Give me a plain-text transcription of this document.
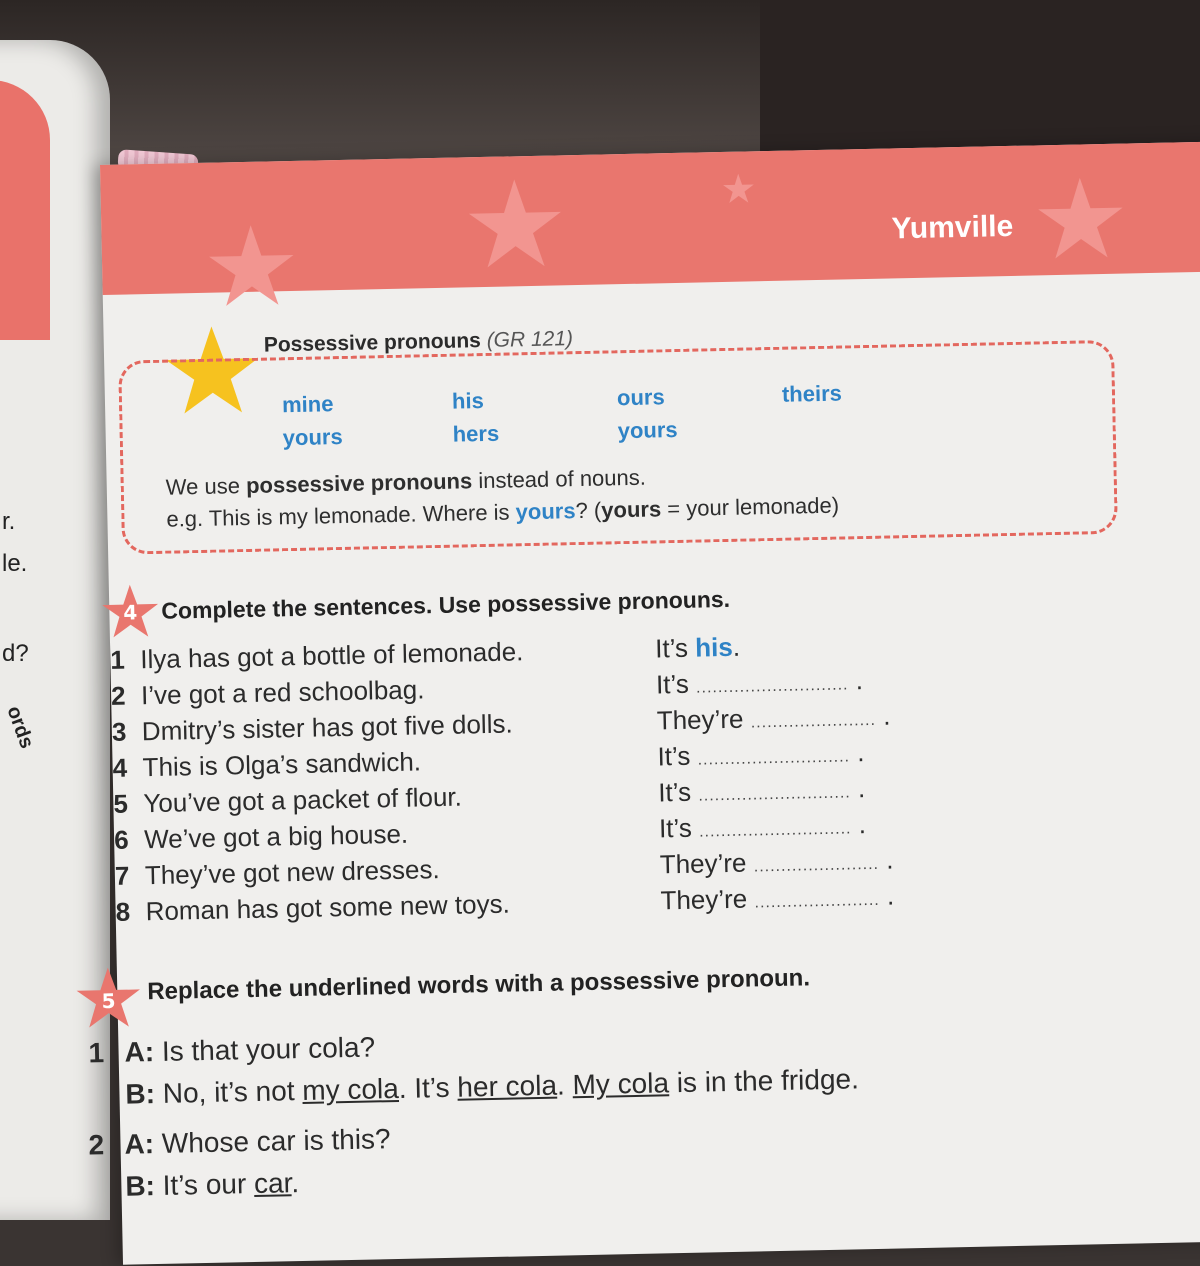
r.
le.
d?
ords
★	★
★	★
Yumville
Possessive pronouns (GR 121)
mine
yours
his
hers
ours
yours
theirs
We use possessive pronouns instead of nouns.
e.g. This is my lemonade. Where is yours? (yours = your lemonade)
4 Complete the sentences. Use possessive pronouns.
1 Ilya has got a bottle of lemonade.
2 I’ve got a red schoolbag.
3 Dmitry’s sister has got five dolls.
4 This is Olga’s sandwich.
5 You’ve got a packet of flour.
6 We’ve got a big house.
7 They’ve got new dresses.
8 Roman has got some new toys.
It’s his.
It’s ............................ .
They’re ....................... .
It’s ............................ .
It’s ............................ .
It’s ............................ .
They’re ....................... .
They’re ....................... .
5 Replace the underlined words with a possessive pronoun.
1 A: Is that your cola?
B: No, it’s not my cola. It’s her cola. My cola is in the fridge.
2 A: Whose car is this?
B: It’s our car.
